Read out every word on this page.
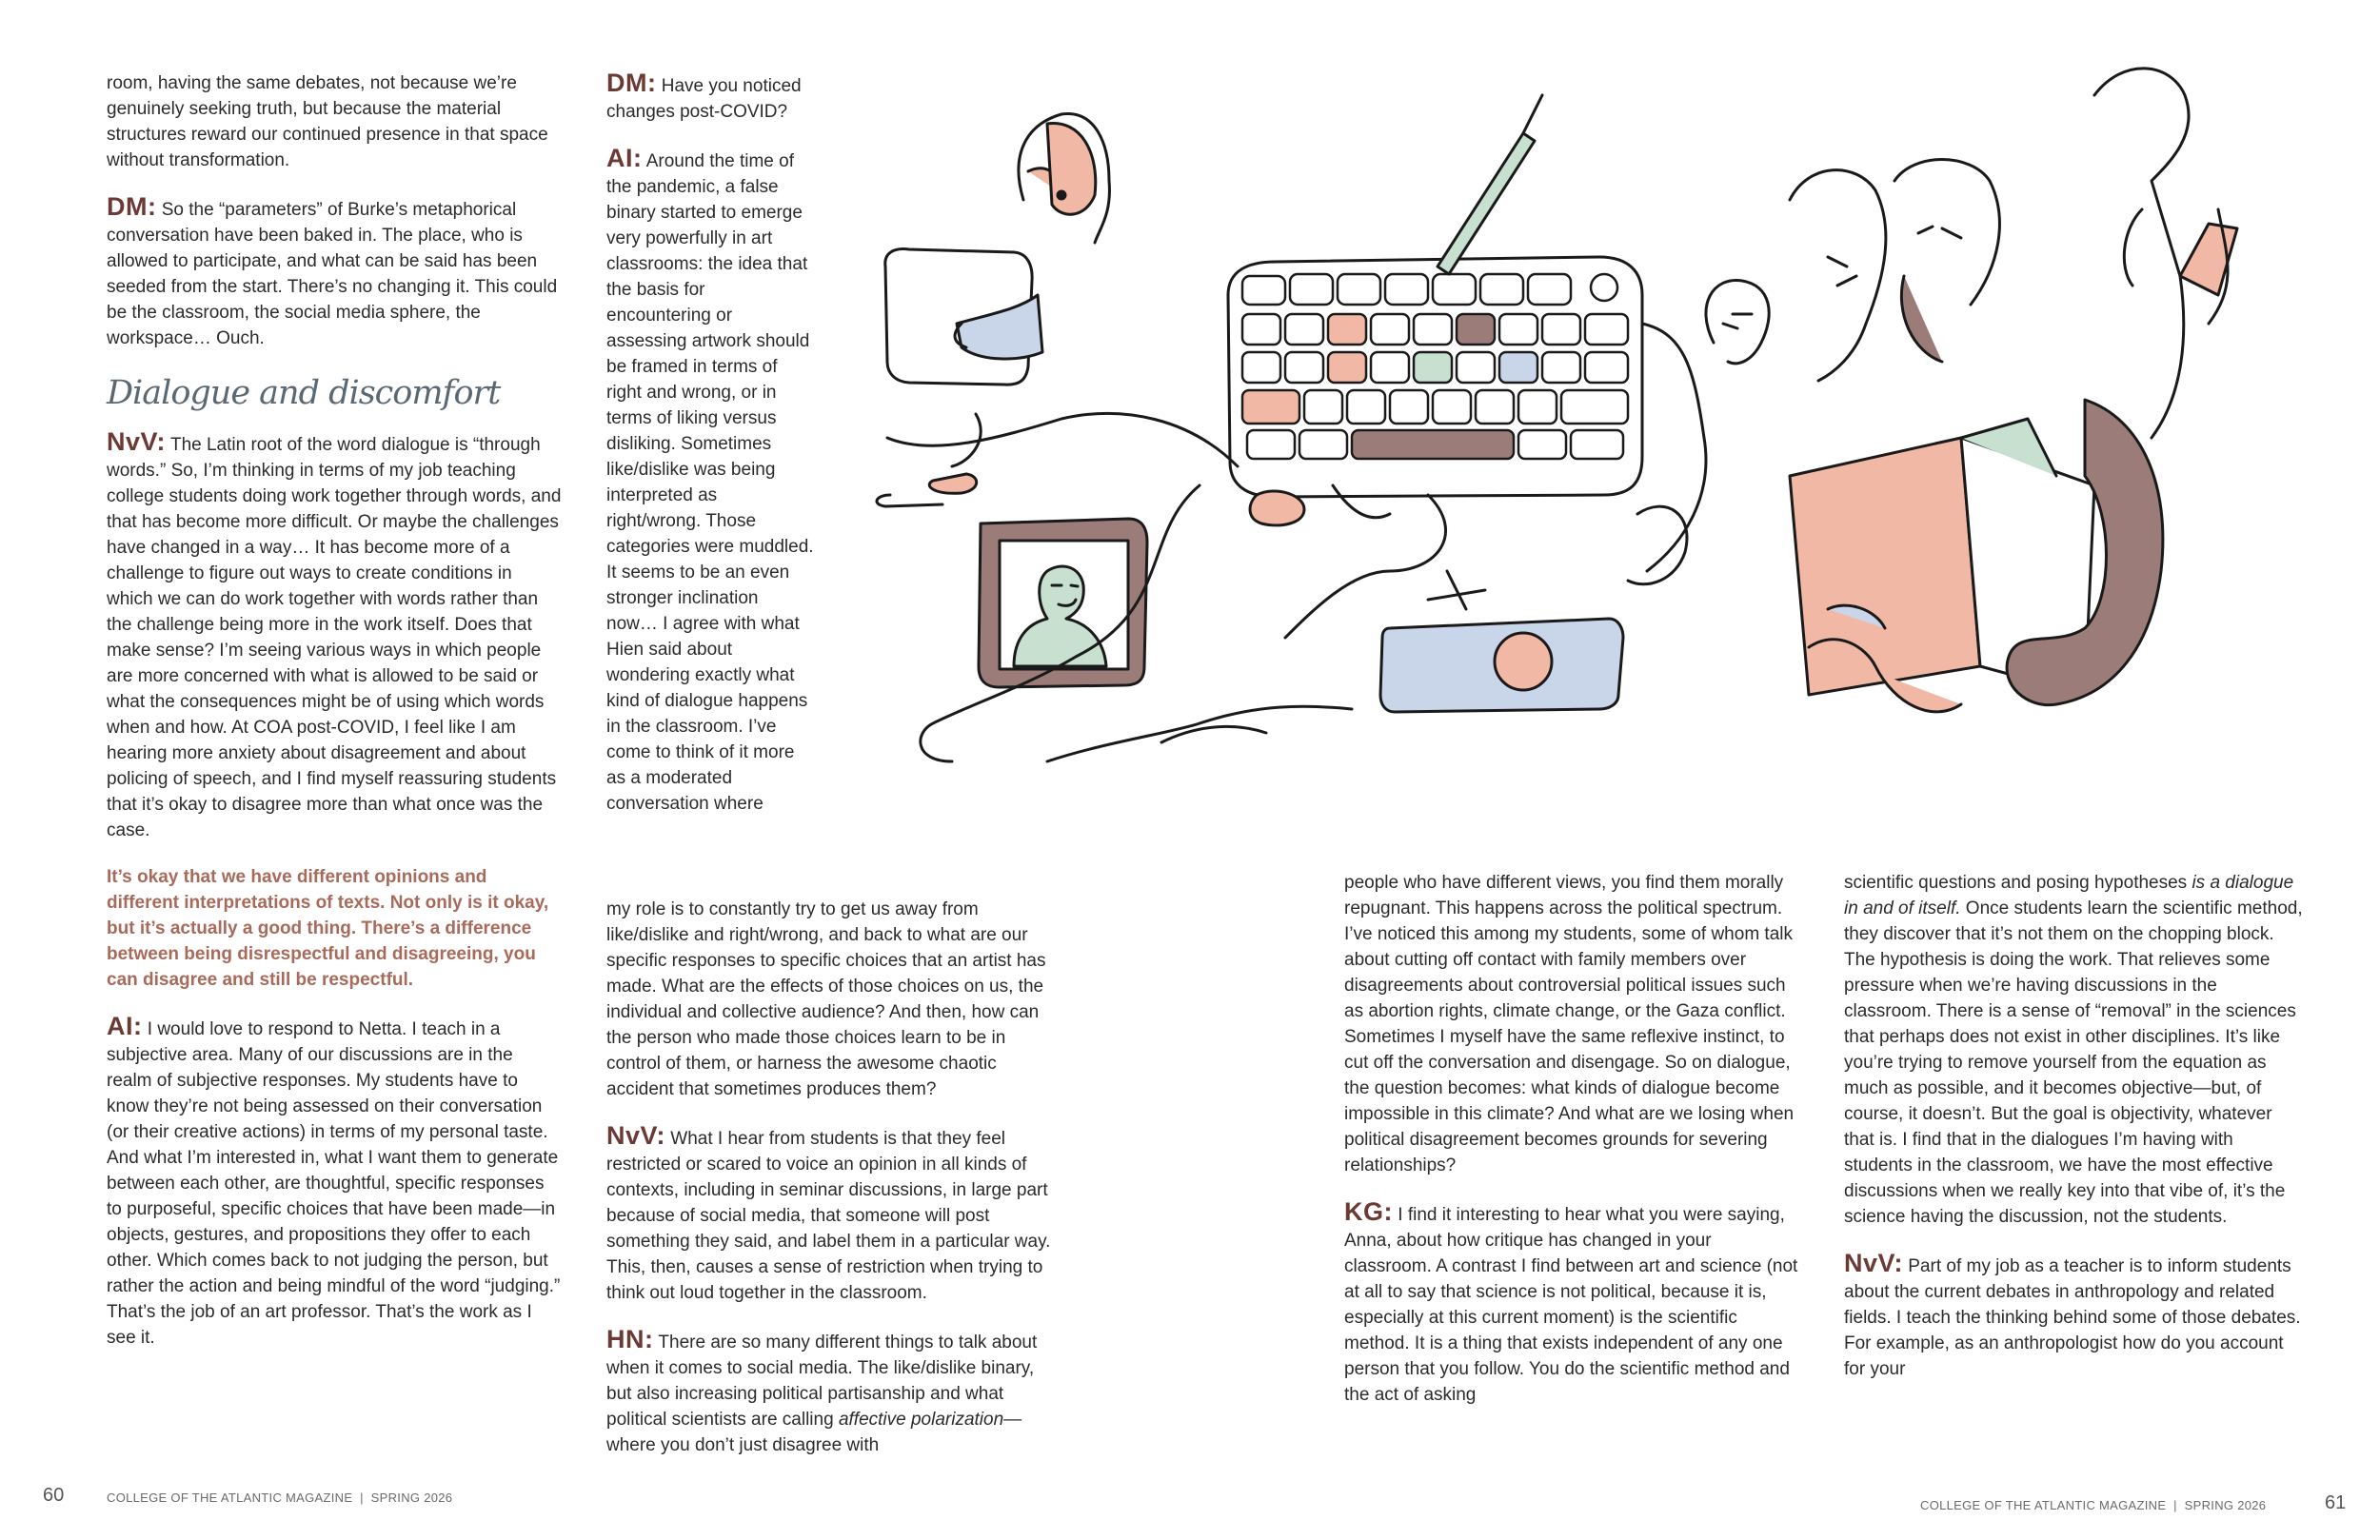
room, having the same debates, not because we’re genuinely seeking truth, but because the material structures reward our continued presence in that space without transformation.

DM: So the “parameters” of Burke’s metaphorical conversation have been baked in. The place, who is allowed to participate, and what can be said has been seeded from the start. There’s no changing it. This could be the classroom, the social media sphere, the workspace… Ouch.

Dialogue and discomfort

NvV: The Latin root of the word dialogue is “through words.” So, I’m thinking in terms of my job teaching college students doing work together through words, and that has become more difficult. Or maybe the challenges have changed in a way… It has become more of a challenge to figure out ways to create conditions in which we can do work together with words rather than the challenge being more in the work itself. Does that make sense? I’m seeing various ways in which people are more concerned with what is allowed to be said or what the consequences might be of using which words when and how. At COA post-COVID, I feel like I am hearing more anxiety about disagreement and about policing of speech, and I find myself reassuring students that it’s okay to disagree more than what once was the case.

It’s okay that we have different opinions and different interpretations of texts. Not only is it okay, but it’s actually a good thing. There’s a difference between being disrespectful and disagreeing, you can disagree and still be respectful.

AI: I would love to respond to Netta. I teach in a subjective area. Many of our discussions are in the realm of subjective responses. My students have to know they’re not being assessed on their conversation (or their creative actions) in terms of my personal taste. And what I’m interested in, what I want them to generate between each other, are thoughtful, specific responses to purposeful, specific choices that have been made—in objects, gestures, and propositions they offer to each other. Which comes back to not judging the person, but rather the action and being mindful of the word “judging.” That’s the job of an art professor. That’s the work as I see it.

DM: Have you noticed changes post-COVID?

AI: Around the time of the pandemic, a false binary started to emerge very powerfully in art classrooms: the idea that the basis for encountering or assessing artwork should be framed in terms of right and wrong, or in terms of liking versus disliking. Sometimes like/dislike was being interpreted as right/wrong. Those categories were muddled. It seems to be an even stronger inclination now… I agree with what Hien said about wondering exactly what kind of dialogue happens in the classroom. I’ve come to think of it more as a moderated conversation where

my role is to constantly try to get us away from like/dislike and right/wrong, and back to what are our specific responses to specific choices that an artist has made. What are the effects of those choices on us, the individual and collective audience? And then, how can the person who made those choices learn to be in control of them, or harness the awesome chaotic accident that sometimes produces them?

NvV: What I hear from students is that they feel restricted or scared to voice an opinion in all kinds of contexts, including in seminar discussions, in large part because of social media, that someone will post something they said, and label them in a particular way. This, then, causes a sense of restriction when trying to think out loud together in the classroom.

HN: There are so many different things to talk about when it comes to social media. The like/dislike binary, but also increasing political partisanship and what political scientists are calling affective polarization—where you don’t just disagree with

people who have different views, you find them morally repugnant. This happens across the political spectrum. I’ve noticed this among my students, some of whom talk about cutting off contact with family members over disagreements about controversial political issues such as abortion rights, climate change, or the Gaza conflict. Sometimes I myself have the same reflexive instinct, to cut off the conversation and disengage. So on dialogue, the question becomes: what kinds of dialogue become impossible in this climate? And what are we losing when political disagreement becomes grounds for severing relationships?

KG: I find it interesting to hear what you were saying, Anna, about how critique has changed in your classroom. A contrast I find between art and science (not at all to say that science is not political, because it is, especially at this current moment) is the scientific method. It is a thing that exists independent of any one person that you follow. You do the scientific method and the act of asking

scientific questions and posing hypotheses is a dialogue in and of itself. Once students learn the scientific method, they discover that it’s not them on the chopping block. The hypothesis is doing the work. That relieves some pressure when we’re having discussions in the classroom. There is a sense of “removal” in the sciences that perhaps does not exist in other disciplines. It’s like you’re trying to remove yourself from the equation as much as possible, and it becomes objective—but, of course, it doesn’t. But the goal is objectivity, whatever that is. I find that in the dialogues I’m having with students in the classroom, we have the most effective discussions when we really key into that vibe of, it’s the science having the discussion, not the students.

NvV: Part of my job as a teacher is to inform students about the current debates in anthropology and related fields. I teach the thinking behind some of those debates. For example, as an anthropologist how do you account for your

60	COLLEGE OF THE ATLANTIC MAGAZINE  |  SPRING 2026
COLLEGE OF THE ATLANTIC MAGAZINE  |  SPRING 2026	61
